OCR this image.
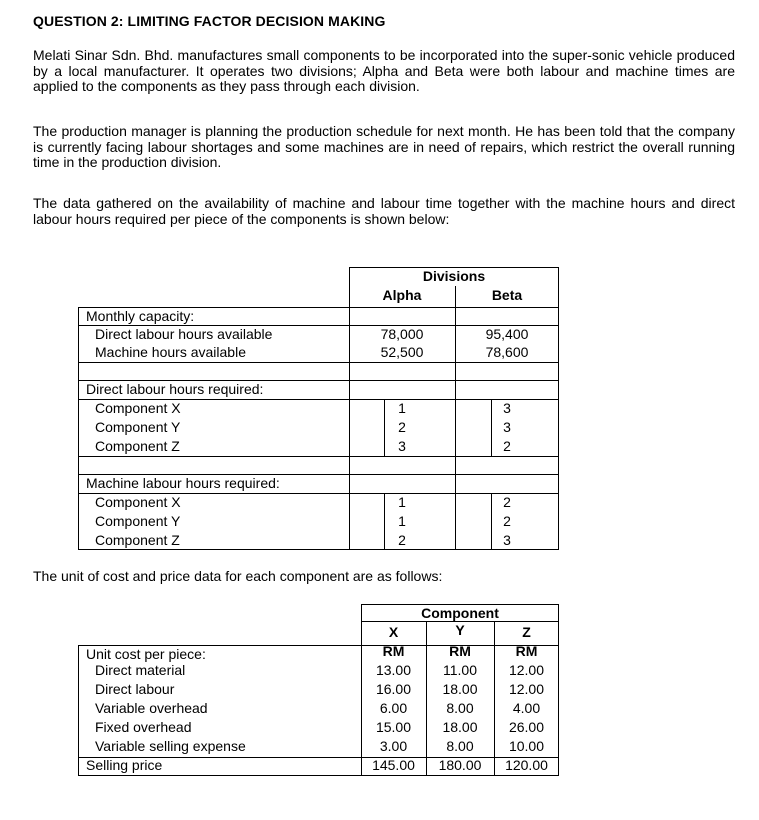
QUESTION 2: LIMITING FACTOR DECISION MAKING
Melati Sinar Sdn. Bhd. manufactures small components to be incorporated into the super-sonic vehicle produced by a local manufacturer. It operates two divisions; Alpha and Beta were both labour and machine times are applied to the components as they pass through each division.
The production manager is planning the production schedule for next month. He has been told that the company is currently facing labour shortages and some machines are in need of repairs, which restrict the overall running time in the production division.
The data gathered on the availability of machine and labour time together with the machine hours and direct labour hours required per piece of the components is shown below:
Divisions
Alpha	Beta
Monthly capacity:
Direct labour hours available	78,000	95,400
Machine hours available	52,500	78,600
Direct labour hours required:
Component X	1	3
Component Y	2	3
Component Z	3	2
Machine labour hours required:
Component X	1	2
Component Y	1	2
Component Z	2	3
The unit of cost and price data for each component are as follows:
Component
X	Y	Z
Unit cost per piece:	RM	RM	RM
Direct material	13.00	11.00	12.00
Direct labour	16.00	18.00	12.00
Variable overhead	6.00	8.00	4.00
Fixed overhead	15.00	18.00	26.00
Variable selling expense	3.00	8.00	10.00
Selling price	145.00	180.00	120.00
